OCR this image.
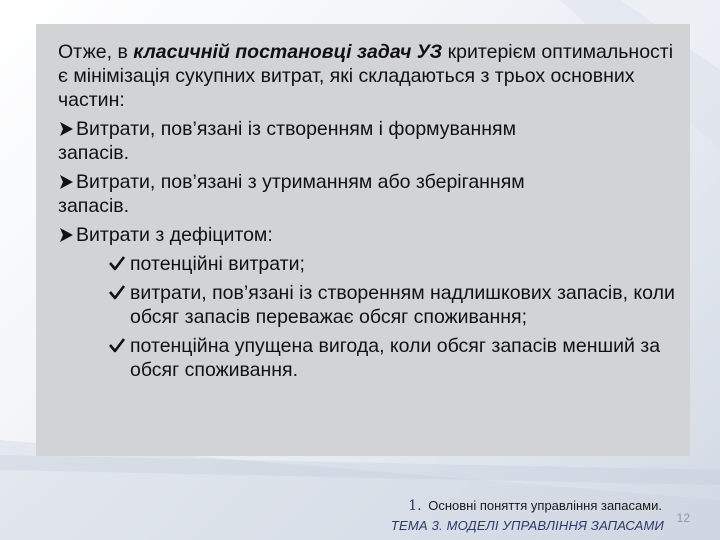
Отже, в класичній постановці задач УЗ критерієм оптимальності є мінімізація сукупних витрат, які складаються з трьох основних частин:

Витрати, пов’язані із створенням і формуванням
запасів.
Витрати, пов’язані з утриманням або зберіганням
запасів.
Витрати з дефіцитом:
потенційні витрати;
витрати, пов’язані із створенням надлишкових запасів, коли обсяг запасів переважає обсяг споживання;
потенційна упущена вигода, коли обсяг запасів менший за обсяг споживання.
1. Основні поняття управління запасами.
ТЕМА 3. МОДЕЛІ УПРАВЛІННЯ ЗАПАСАМИ 12
